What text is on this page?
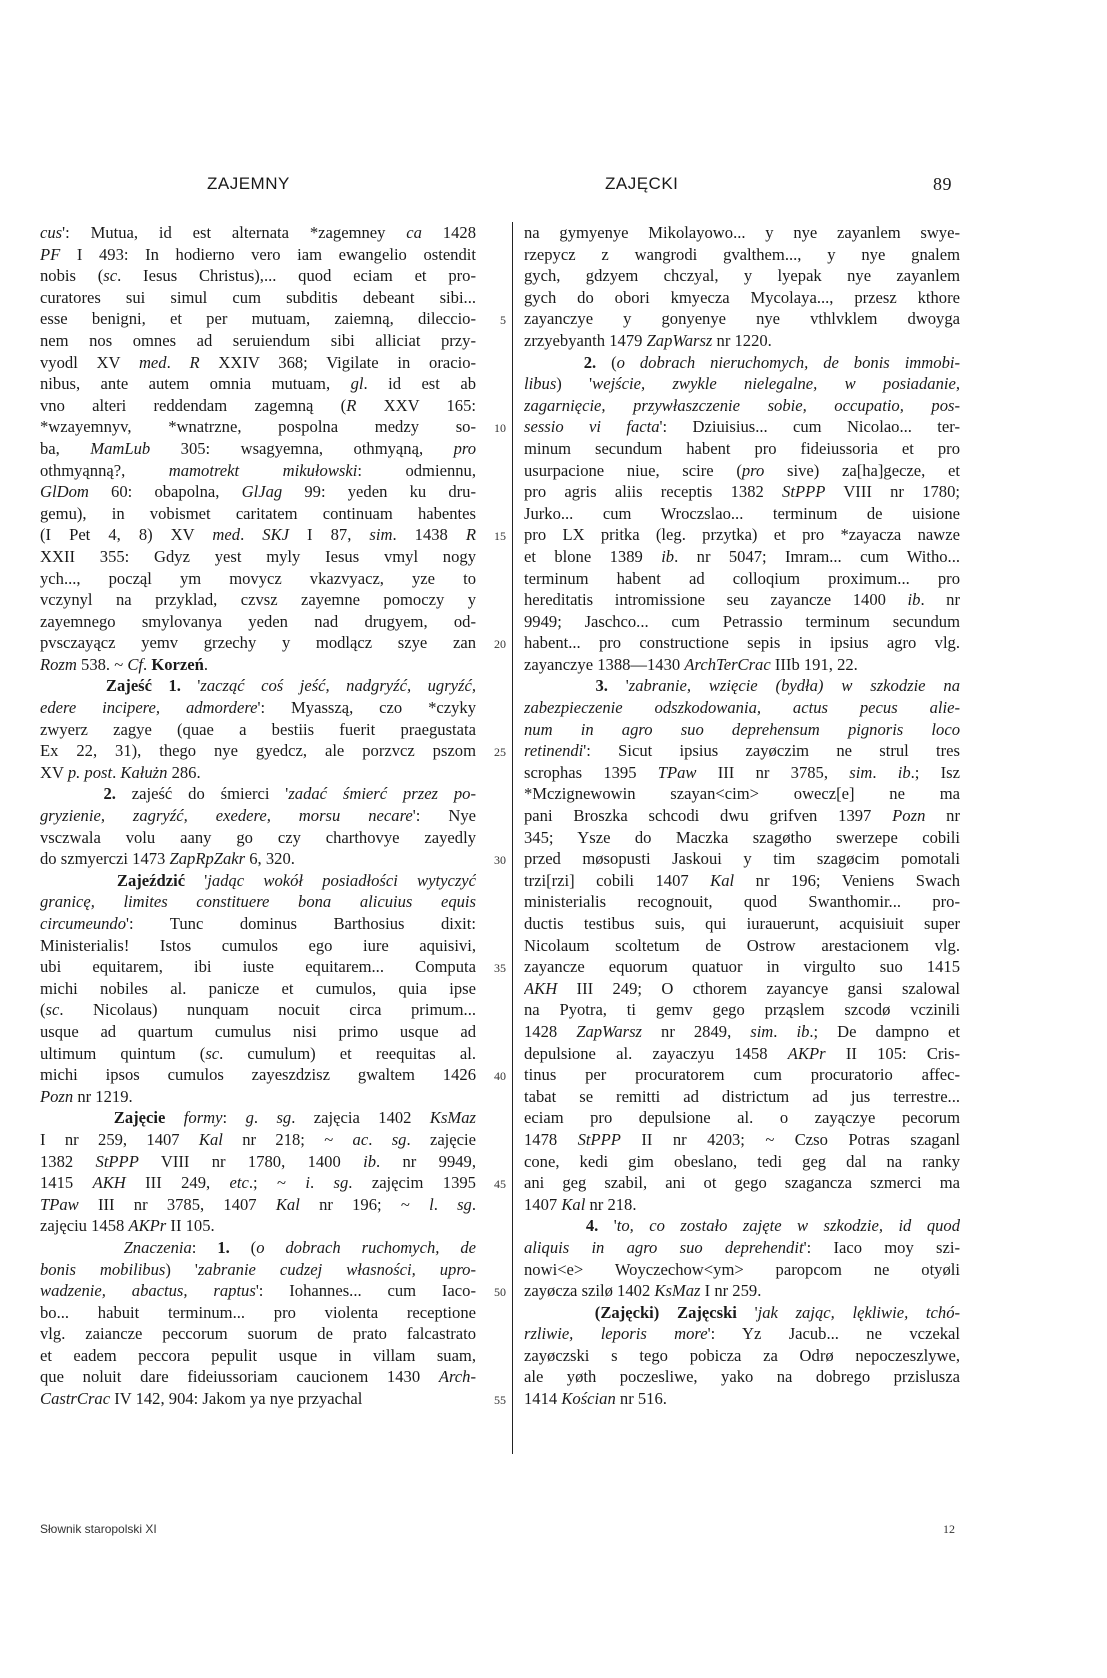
ZAJEMNY	ZAJĘCKI	89
cus': Mutua, id est alternata *zagemney ca 1428
PF I 493: In hodierno vero iam ewangelio ostendit
nobis (sc. Iesus Christus),... quod eciam et pro-
curatores sui simul cum subditis debeant sibi...
esse benigni, et per mutuam, zaiemną, dileccio-
nem nos omnes ad seruiendum sibi alliciat przy-
vyodl XV med. R XXIV 368; Vigilate in oracio-
nibus, ante autem omnia mutuam, gl. id est ab
vno alteri reddendam zagemną (R XXV 165:
*wzayemnyv, *wnatrzne, pospolna medzy so-
ba, MamLub 305: wsagyemna, othmyąną, pro
othmyąnną?, mamotrekt mikułowski: odmiennu,
GlDom 60: obapolna, GlJag 99: yeden ku dru-
gemu), in vobismet caritatem continuam habentes
(I Pet 4, 8) XV med. SKJ I 87, sim. 1438 R
XXII 355: Gdyz yest myly Iesus vmyl nogy
ych..., począl ym movycz vkazvyacz, yze to
vczynyl na przyklad, czvsz zayemne pomoczy y
zayemnego smylovanya yeden nad drugyem, od-
pvsczayącz yemv grzechy y modlącz szye zan
Rozm 538. ~ Cf. Korzeń.
Zajeść 1. 'zacząć coś jeść, nadgryźć, ugryźć,
edere incipere, admordere': Myasszą, czo *czyky
zwyerz zagye (quae a bestiis fuerit praegustata
Ex 22, 31), thego nye gyedcz, ale porzvcz pszom
XV p. post. Kałużn 286.
2. zajeść do śmierci 'zadać śmierć przez po-
gryzienie, zagryźć, exedere, morsu necare': Nye
vsczwala volu aany go czy charthovye zayedly
do szmyerczi 1473 ZapRpZakr 6, 320.
Zajeździć 'jadąc wokół posiadłości wytyczyć
granicę, limites constituere bona alicuius equis
circumeundo': Tunc dominus Barthosius dixit:
Ministerialis! Istos cumulos ego iure aquisivi,
ubi equitarem, ibi iuste equitarem... Computa
michi nobiles al. panicze et cumulos, quia ipse
(sc. Nicolaus) nunquam nocuit circa primum...
usque ad quartum cumulus nisi primo usque ad
ultimum quintum (sc. cumulum) et reequitas al.
michi ipsos cumulos zayeszdzisz gwaltem 1426
Pozn nr 1219.
Zajęcie formy: g. sg. zajęcia 1402 KsMaz
I nr 259, 1407 Kal nr 218; ~ ac. sg. zajęcie
1382 StPPP VIII nr 1780, 1400 ib. nr 9949,
1415 AKH III 249, etc.; ~ i. sg. zajęcim 1395
TPaw III nr 3785, 1407 Kal nr 196; ~ l. sg.
zajęciu 1458 AKPr II 105.
Znaczenia: 1. (o dobrach ruchomych, de
bonis mobilibus) 'zabranie cudzej własności, upro-
wadzenie, abactus, raptus': Iohannes... cum Iaco-
bo... habuit terminum... pro violenta receptione
vlg. zaiancze peccorum suorum de prato falcastrato
et eadem peccora pepulit usque in villam suam,
que noluit dare fideiussoriam caucionem 1430 Arch-
CastrCrac IV 142, 904: Jakom ya nye przyachal
5
10
15
20
25
30
35
40
45
50
55
na gymyenye Mikolayowo... y nye zayanlem swye-
rzepycz z wangrodi gvalthem..., y nye gnalem
gych, gdzyem chczyal, y lyepak nye zayanlem
gych do obori kmyecza Mycolaya..., przesz kthore
zayanczye y gonyenye nye vthlvklem dwoyga
zrzyebyanth 1479 ZapWarsz nr 1220.
2. (o dobrach nieruchomych, de bonis immobi-
libus) 'wejście, zwykle nielegalne, w posiadanie,
zagarnięcie, przywłaszczenie sobie, occupatio, pos-
sessio vi facta': Dziuisius... cum Nicolao... ter-
minum secundum habent pro fideiussoria et pro
usurpacione niue, scire (pro sive) za[ha]gecze, et
pro agris aliis receptis 1382 StPPP VIII nr 1780;
Jurko... cum Wroczslao... terminum de uisione
pro LX pritka (leg. przytka) et pro *zayacza nawze
et blone 1389 ib. nr 5047; Imram... cum Witho...
terminum habent ad colloqium proximum... pro
hereditatis intromissione seu zayancze 1400 ib. nr
9949; Jaschco... cum Petrassio terminum secundum
habent... pro constructione sepis in ipsius agro vlg.
zayanczye 1388—1430 ArchTerCrac IIIb 191, 22.
3. 'zabranie, wzięcie (bydła) w szkodzie na
zabezpieczenie odszkodowania, actus pecus alie-
num in agro suo deprehensum pignoris loco
retinendi': Sicut ipsius zayøczim ne strul tres
scrophas 1395 TPaw III nr 3785, sim. ib.; Isz
*Mczignewowin szayan<cim> owecz[e] ne ma
pani Broszka schcodi dwu grifven 1397 Pozn nr
345; Ysze do Maczka szagøtho swerzepe cobili
przed møsopusti Jaskoui y tim szagøcim pomotali
trzi[rzi] cobili 1407 Kal nr 196; Veniens Swach
ministerialis recognouit, quod Swanthomir... pro-
ductis testibus suis, qui iurauerunt, acquisiuit super
Nicolaum scoltetum de Ostrow arestacionem vlg.
zayancze equorum quatuor in virgulto suo 1415
AKH III 249; O cthorem zayancye gansi szalowal
na Pyotra, ti gemv gego prząslem szcodø vczinili
1428 ZapWarsz nr 2849, sim. ib.; De dampno et
depulsione al. zayaczyu 1458 AKPr II 105: Cris-
tinus per procuratorem cum procuratorio affec-
tabat se remitti ad districtum ad jus terrestre...
eciam pro depulsione al. o zayączye pecorum
1478 StPPP II nr 4203; ~ Czso Potras szaganl
cone, kedi gim obeslano, tedi geg dal na ranky
ani geg szabil, ani ot gego szagancza szmerci ma
1407 Kal nr 218.
4. 'to, co zostało zajęte w szkodzie, id quod
aliquis in agro suo deprehendit': Iaco moy szi-
nowi<e> Woyczechow<ym> paropcom ne otyøli
zayøcza szilø 1402 KsMaz I nr 259.
(Zajęcki) Zajęcski 'jak zając, lękliwie, tchó-
rzliwie, leporis more': Yz Jacub... ne vczekal
zayøczski s tego pobicza za Odrø nepoczeszlywe,
ale yøth poczesliwe, yako na dobrego przislusza
1414 Kościan nr 516.
Słownik staropolski XI	12
